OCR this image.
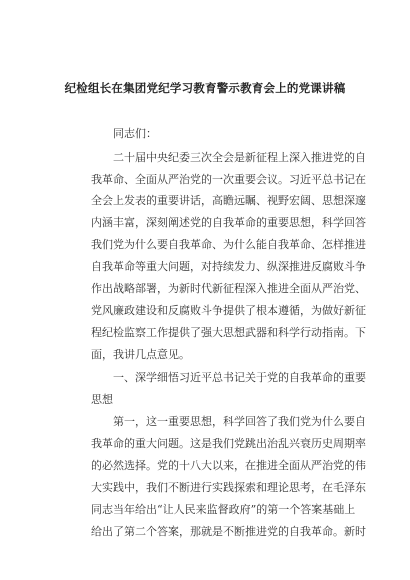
纪检组长在集团党纪学习教育警示教育会上的党课讲稿
同志们：
二十届中央纪委三次全会是新征程上深入推进党的自
我革命、全面从严治党的一次重要会议。习近平总书记在
全会上发表的重要讲话，高瞻远瞩、视野宏阔、思想深邃
内涵丰富，深刻阐述党的自我革命的重要思想，科学回答
我们党为什么要自我革命、为什么能自我革命、怎样推进
自我革命等重大问题，对持续发力、纵深推进反腐败斗争
作出战略部署，为新时代新征程深入推进全面从严治党、
党风廉政建设和反腐败斗争提供了根本遵循，为做好新征
程纪检监察工作提供了强大思想武器和科学行动指南。下
面，我讲几点意见。
一、深学细悟习近平总书记关于党的自我革命的重要
思想
第一，这一重要思想，科学回答了我们党为什么要自
我革命的重大问题。这是我们党跳出治乱兴衰历史周期率
的必然选择。党的十八大以来，在推进全面从严治党的伟
大实践中，我们不断进行实践探索和理论思考，在毛泽东
同志当年给出“让人民来监督政府”的第一个答案基础上
给出了第二个答案，那就是不断推进党的自我革命。新时
